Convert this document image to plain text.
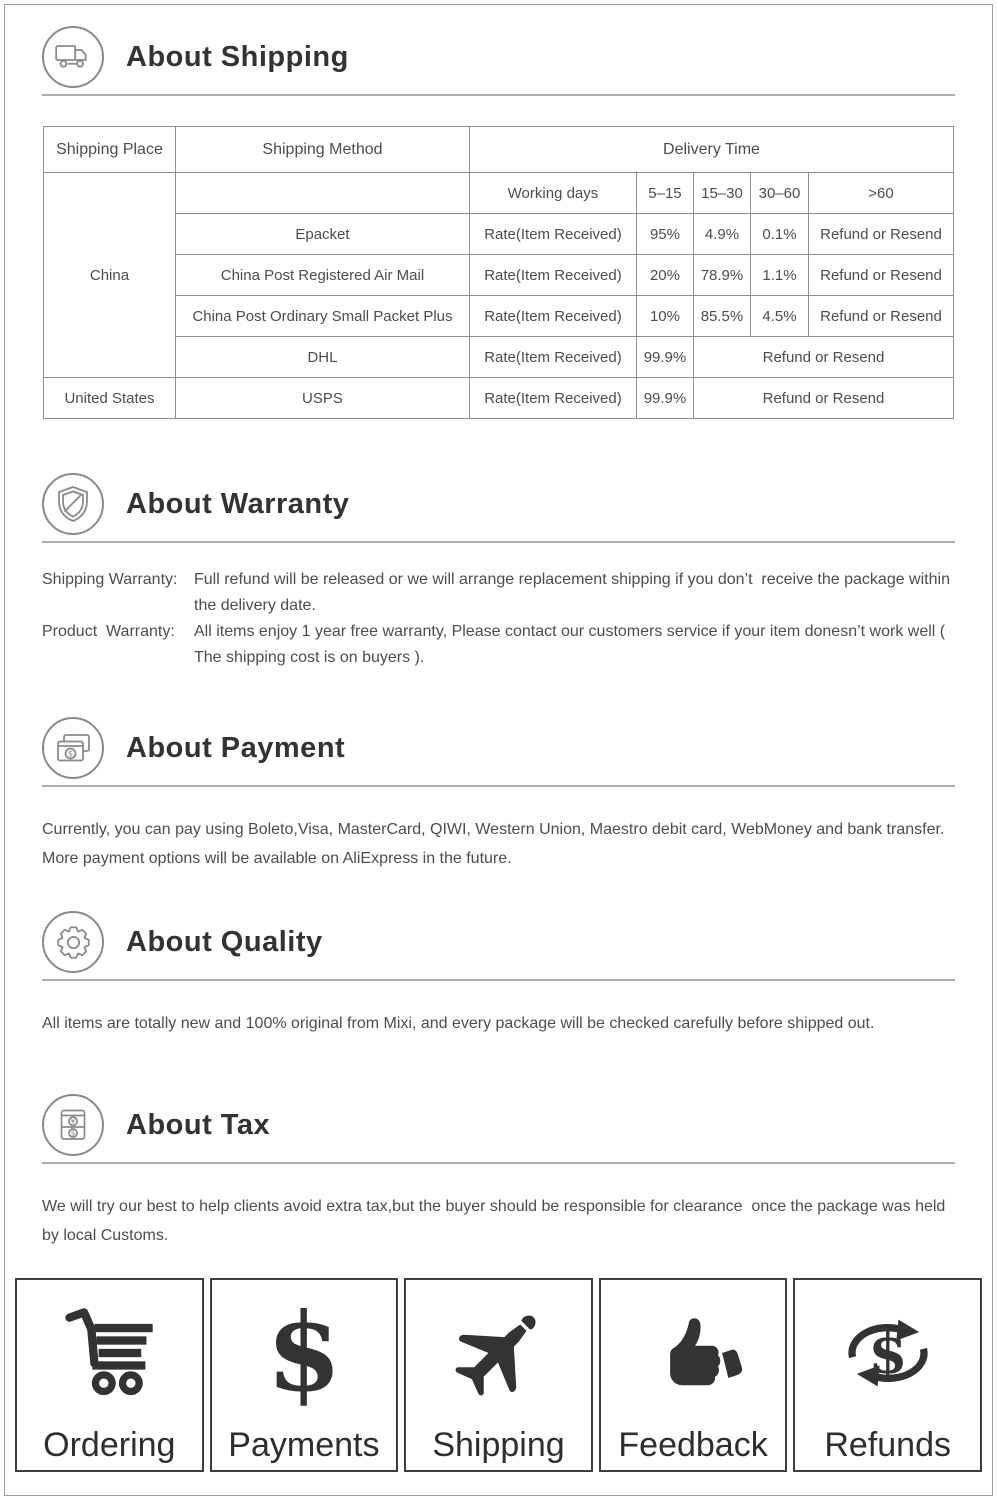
About Shipping
Shipping Place	Shipping Method	Delivery Time				
China		Working days	5–15	15–30	30–60	>60
	Epacket	Rate(Item Received)	95%	4.9%	0.1%	Refund or Resend
	China Post Registered Air Mail	Rate(Item Received)	20%	78.9%	1.1%	Refund or Resend
	China Post Ordinary Small Packet Plus	Rate(Item Received)	10%	85.5%	4.5%	Refund or Resend
	DHL	Rate(Item Received)	99.9%	Refund or Resend		
United States	USPS	Rate(Item Received)	99.9%	Refund or Resend		
About Warranty
Shipping Warranty:	Full refund will be released or we will arrange replacement shipping if you don’t  receive the package within the delivery date.
Product  Warranty:	All items enjoy 1 year free warranty, Please contact our customers service if your item donesn’t work well ( The shipping cost is on buyers ).
$ About Payment

Currently, you can pay using Boleto,Visa, MasterCard, QIWI, Western Union, Maestro debit card, WebMoney and bank transfer. More payment options will be available on AliExpress in the future.

About Quality

All items are totally new and 100% original from Mixi, and every package will be checked carefully before shipped out.

¥
$ About Tax

We will try our best to help clients avoid extra tax,but the buyer should be responsible for clearance  once the package was held by local Customs.

Ordering
$
Payments Shipping Feedback
$
Refunds
